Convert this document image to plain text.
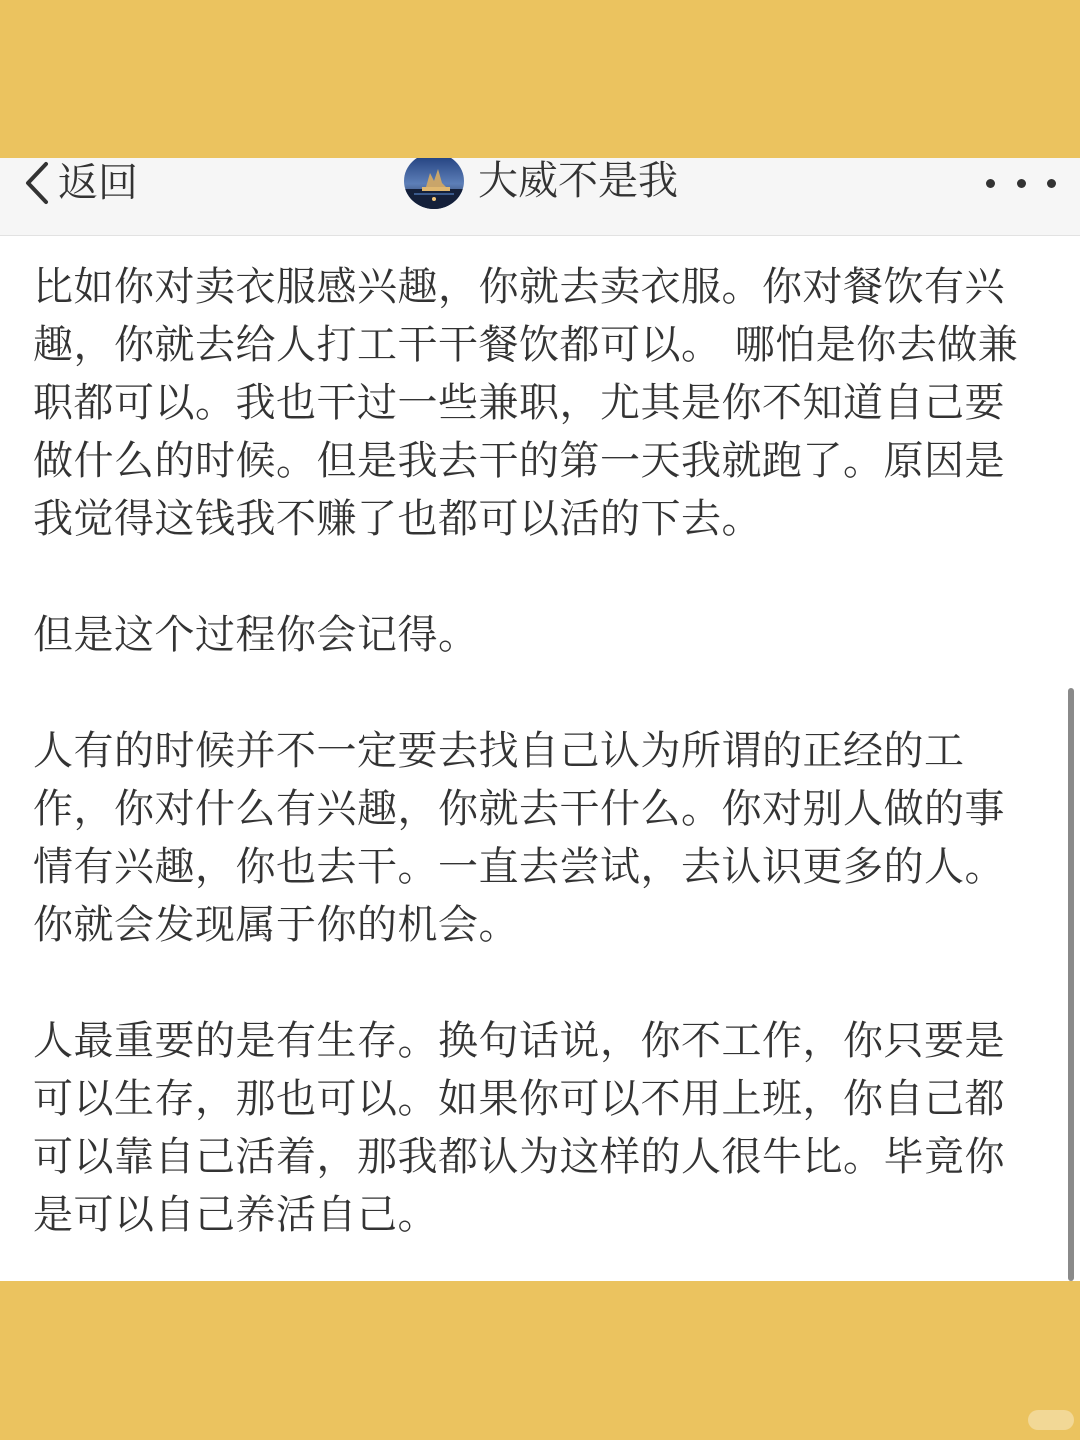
返回	大威不是我

比如你对卖衣服感兴趣，你就去卖衣服。你对餐饮有兴
趣，你就去给人打工干干餐饮都可以。 哪怕是你去做兼
职都可以。我也干过一些兼职，尤其是你不知道自己要
做什么的时候。但是我去干的第一天我就跑了。原因是
我觉得这钱我不赚了也都可以活的下去。

但是这个过程你会记得。

人有的时候并不一定要去找自己认为所谓的正经的工
作，你对什么有兴趣，你就去干什么。你对别人做的事
情有兴趣，你也去干。一直去尝试，去认识更多的人。
你就会发现属于你的机会。

人最重要的是有生存。换句话说，你不工作，你只要是
可以生存，那也可以。如果你可以不用上班，你自己都
可以靠自己活着，那我都认为这样的人很牛比。毕竟你
是可以自己养活自己。
